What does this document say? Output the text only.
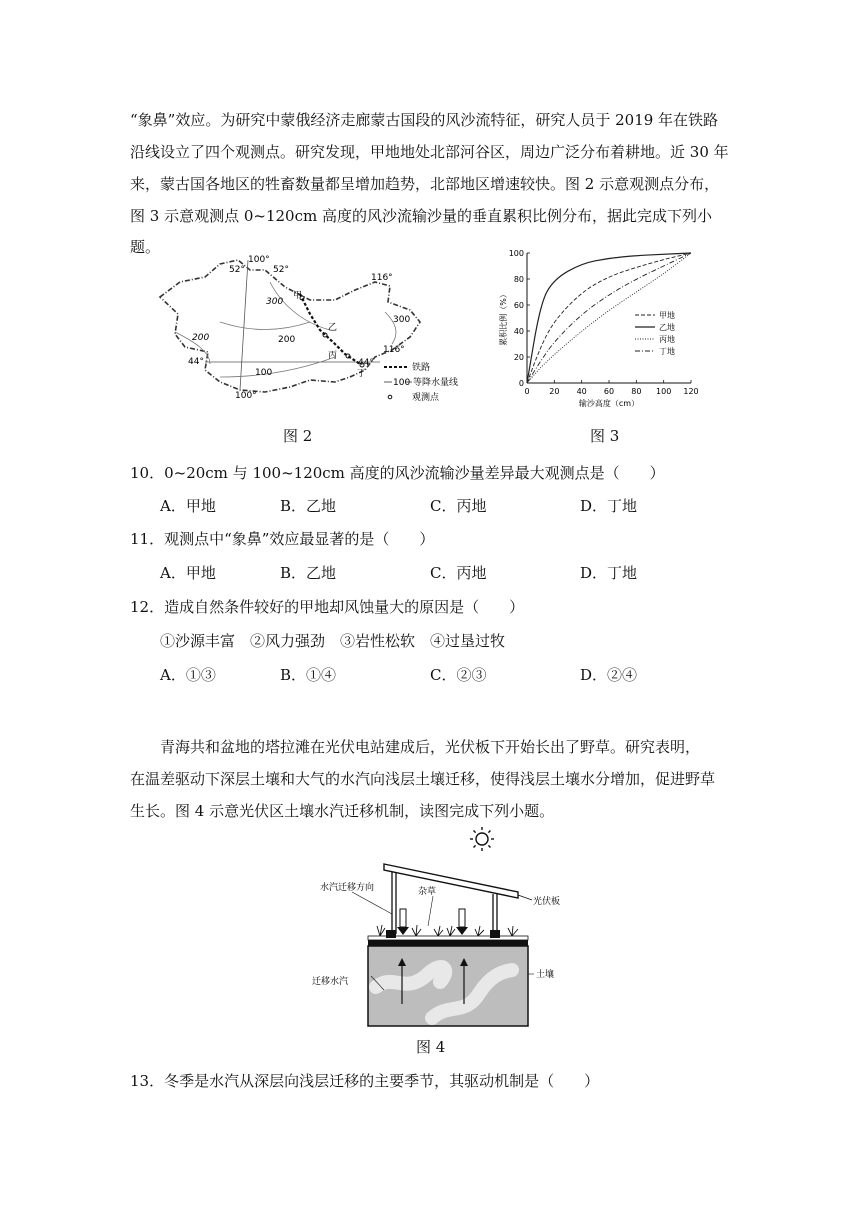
“象鼻”效应。为研究中蒙俄经济走廊蒙古国段的风沙流特征，研究人员于 2019 年在铁路
沿线设立了四个观测点。研究发现，甲地地处北部河谷区，周边广泛分布着耕地。近 30 年
来，蒙古国各地区的牲畜数量都呈增加趋势，北部地区增速较快。图 2 示意观测点分布，
图 3 示意观测点 0~120cm 高度的风沙流输沙量的垂直累积比例分布，据此完成下列小题。
52°
100°
52°
116°
116°
100°
44°	44°
300
200
200
100
300
甲
乙
丙
丁
铁路
100 等降水量线
观测点
图 2
0 20 40 60 80 100 120
0
20
40
60
80
100
输沙高度（cm）
累积比例（%）	甲地
乙地
丙地
丁地
图 3
10．0~20cm 与 100~120cm 高度的风沙流输沙量差异最大观测点是（　　）
A．甲地	B．乙地	C．丙地	D．丁地
11．观测点中“象鼻”效应最显著的是（　　）
A．甲地	B．乙地	C．丙地	D．丁地
12．造成自然条件较好的甲地却风蚀量大的原因是（　　）
①沙源丰富　②风力强劲　③岩性松软　④过垦过牧
A．①③	B．①④	C．②③	D．②④
青海共和盆地的塔拉滩在光伏电站建成后，光伏板下开始长出了野草。研究表明，
在温差驱动下深层土壤和大气的水汽向浅层土壤迁移，使得浅层土壤水分增加，促进野草
生长。图 4 示意光伏区土壤水汽迁移机制，读图完成下列小题。
光伏板
水汽迁移方向	杂草
土壤
迁移水汽
图 4
13．冬季是水汽从深层向浅层迁移的主要季节，其驱动机制是（　　）
